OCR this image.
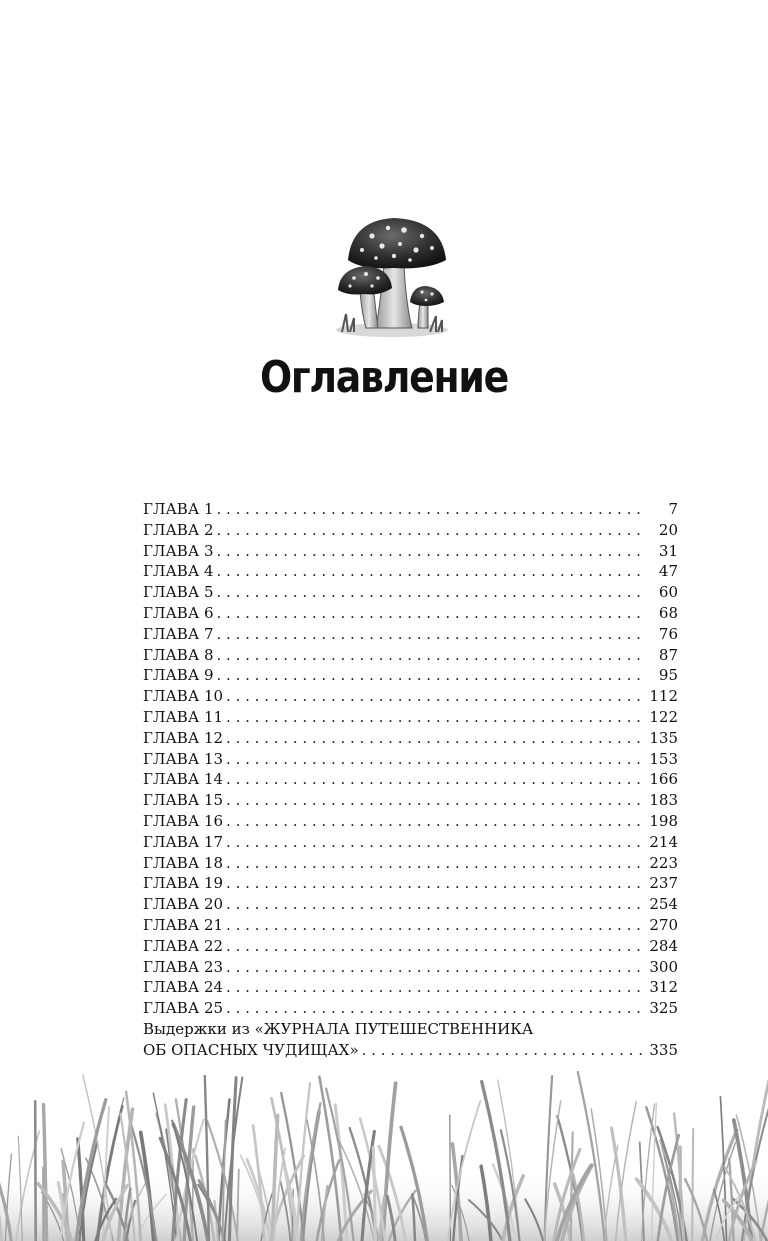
Оглавление
ГЛАВА 1 . . .	7
ГЛАВА 2 . . .	20
ГЛАВА 3 . . .	31
ГЛАВА 4 . . .	47
ГЛАВА 5 . . .	60
ГЛАВА 6 . . .	68
ГЛАВА 7 . . .	76
ГЛАВА 8 . . .	87
ГЛАВА 9 . . .	95
ГЛАВА 10 . . .	112
ГЛАВА 11 . . .	122
ГЛАВА 12 . . .	135
ГЛАВА 13 . . .	153
ГЛАВА 14 . . .	166
ГЛАВА 15 . . .	183
ГЛАВА 16 . . .	198
ГЛАВА 17 . . .	214
ГЛАВА 18 . . .	223
ГЛАВА 19 . . .	237
ГЛАВА 20 . . .	254
ГЛАВА 21 . . .	270
ГЛАВА 22 . . .	284
ГЛАВА 23 . . .	300
ГЛАВА 24 . . .	312
ГЛАВА 25 . . .	325
Выдержки из «ЖУРНАЛА ПУТЕШЕСТВЕННИКА
ОБ ОПАСНЫХ ЧУДИЩАХ» . . .	335
